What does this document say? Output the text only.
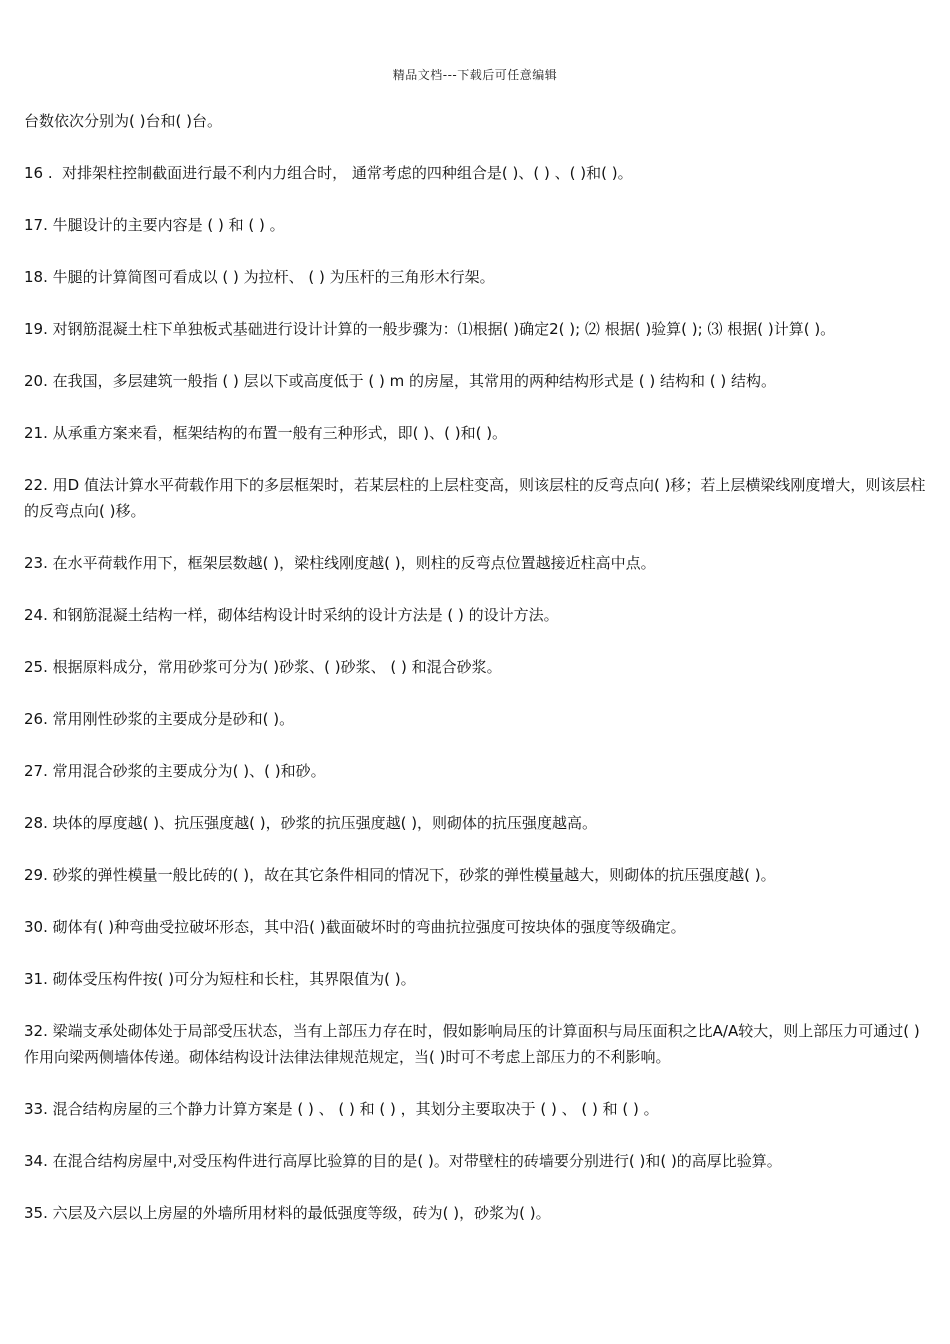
精品文档---下载后可任意编辑

台数依次分别为( )台和( )台。

16 .  对排架柱控制截面进行最不利内力组合时， 通常考虑的四种组合是( )、( ) 、( )和( )。

17. 牛腿设计的主要内容是 ( ) 和 ( ) 。

18. 牛腿的计算简图可看成以 ( ) 为拉杆、 ( ) 为压杆的三角形木行架。

19. 对钢筋混凝土柱下单独板式基础进行设计计算的一般步骤为：⑴根据( )确定2( ); ⑵ 根据( )验算( ); ⑶ 根据( )计算( )。

20. 在我国，多层建筑一般指 ( ) 层以下或高度低于 ( ) m 的房屋，其常用的两种结构形式是 ( ) 结构和 ( ) 结构。

21. 从承重方案来看，框架结构的布置一般有三种形式，即( )、( )和( )。

22. 用D 值法计算水平荷载作用下的多层框架时，若某层柱的上层柱变高，则该层柱的反弯点向( )移；若上层横梁线刚度增大，则该层柱的反弯点向( )移。

23. 在水平荷载作用下，框架层数越( )，梁柱线刚度越( )，则柱的反弯点位置越接近柱高中点。

24. 和钢筋混凝土结构一样，砌体结构设计时采纳的设计方法是 ( ) 的设计方法。

25. 根据原料成分，常用砂浆可分为( )砂浆、( )砂浆、 ( ) 和混合砂浆。

26. 常用刚性砂浆的主要成分是砂和( )。

27. 常用混合砂浆的主要成分为( )、( )和砂。

28. 块体的厚度越( )、抗压强度越( )，砂浆的抗压强度越( )，则砌体的抗压强度越高。

29. 砂浆的弹性模量一般比砖的( )，故在其它条件相同的情况下，砂浆的弹性模量越大，则砌体的抗压强度越( )。

30. 砌体有( )种弯曲受拉破坏形态，其中沿( )截面破坏时的弯曲抗拉强度可按块体的强度等级确定。

31. 砌体受压构件按( )可分为短柱和长柱，其界限值为( )。

32. 梁端支承处砌体处于局部受压状态，当有上部压力存在时，假如影响局压的计算面积与局压面积之比A/A较大，则上部压力可通过( )作用向梁两侧墙体传递。砌体结构设计法律法律规范规定，当( )时可不考虑上部压力的不利影响。

33. 混合结构房屋的三个静力计算方案是 ( ) 、 ( ) 和 ( ) ，其划分主要取决于 ( ) 、 ( ) 和 ( ) 。

34. 在混合结构房屋中,对受压构件进行高厚比验算的目的是( )。对带壁柱的砖墙要分别进行( )和( )的高厚比验算。

35. 六层及六层以上房屋的外墙所用材料的最低强度等级，砖为( )，砂浆为( )。
